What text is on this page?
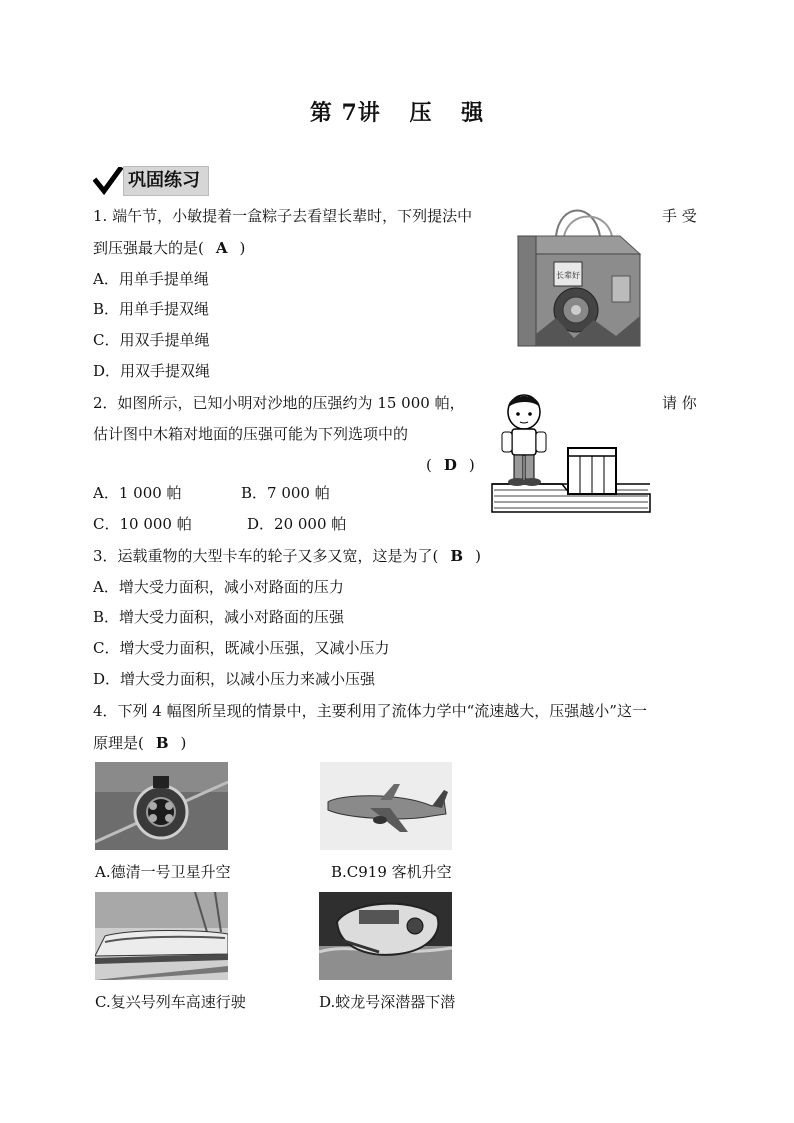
第 7讲 压 强
巩固练习
1. 端午节，小敏提着一盒粽子去看望长辈时，下列提法中	手 受
到压强最大的是( A )
A．用单手提单绳
B．用单手提双绳
C．用双手提单绳
D．用双手提双绳
长辈好
2．如图所示，已知小明对沙地的压强约为 15 000 帕，	请 你
估计图中木箱对地面的压强可能为下列选项中的
( D )
A．1 000 帕	B．7 000 帕
C．10 000 帕	D．20 000 帕
3．运载重物的大型卡车的轮子又多又宽，这是为了( B )
A．增大受力面积，减小对路面的压力
B．增大受力面积，减小对路面的压强
C．增大受力面积，既减小压强，又减小压力
D．增大受力面积，以减小压力来减小压强
4．下列 4 幅图所呈现的情景中，主要利用了流体力学中“流速越大，压强越小”这一
原理是( B )
A.德清一号卫星升空	B.C919 客机升空
C.复兴号列车高速行驶	D.蛟龙号深潜器下潜
